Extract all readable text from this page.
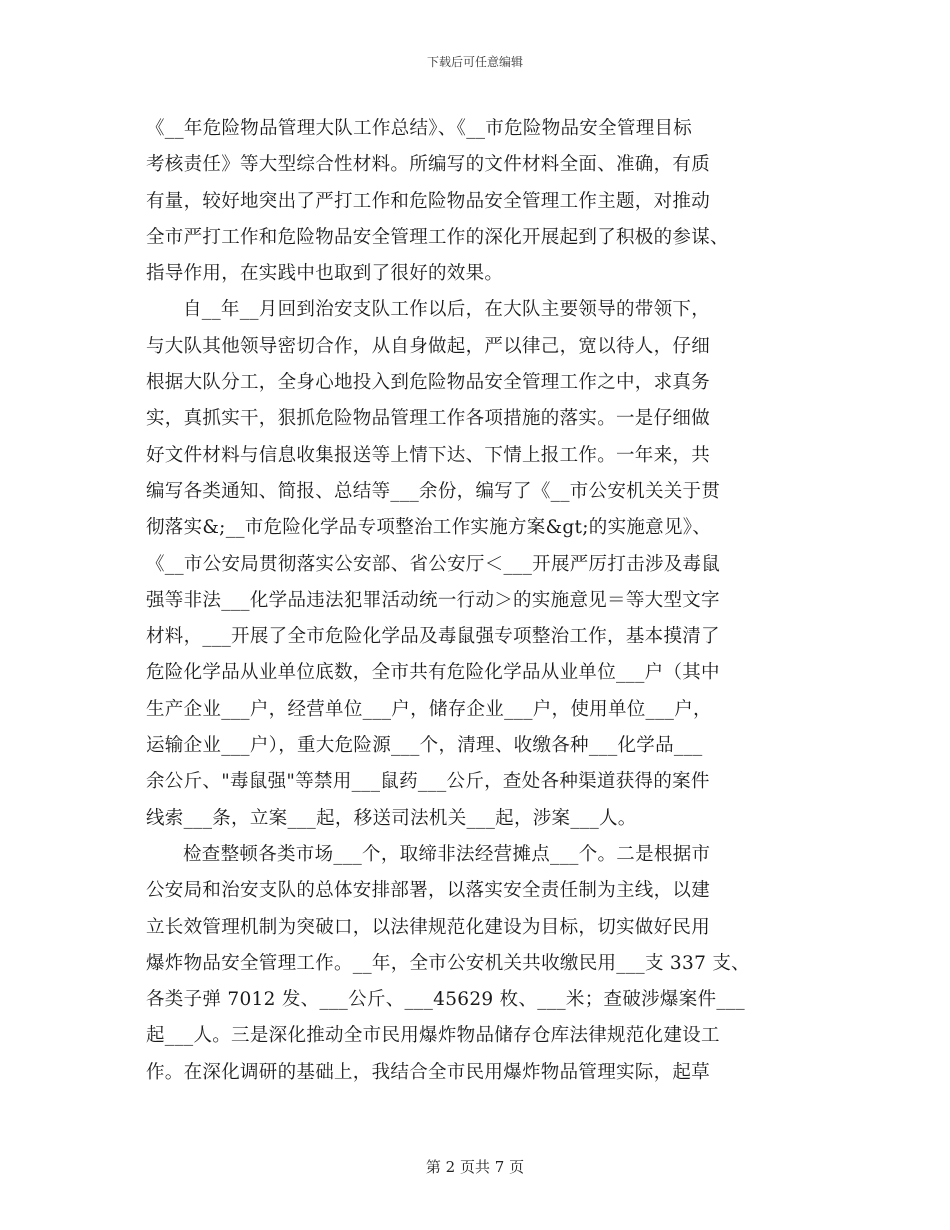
下载后可任意编辑
《__年危险物品管理大队工作总结》、《__市危险物品安全管理目标
考核责任》等大型综合性材料。所编写的文件材料全面、准确，有质
有量，较好地突出了严打工作和危险物品安全管理工作主题，对推动
全市严打工作和危险物品安全管理工作的深化开展起到了积极的参谋、
指导作用，在实践中也取到了很好的效果。
自__年__月回到治安支队工作以后，在大队主要领导的带领下，
与大队其他领导密切合作，从自身做起，严以律己，宽以待人，仔细
根据大队分工，全身心地投入到危险物品安全管理工作之中，求真务
实，真抓实干，狠抓危险物品管理工作各项措施的落实。一是仔细做
好文件材料与信息收集报送等上情下达、下情上报工作。一年来，共
编写各类通知、简报、总结等___余份，编写了《__市公安机关关于贯
彻落实&;__市危险化学品专项整治工作实施方案&gt;的实施意见》、
《__市公安局贯彻落实公安部、省公安厅＜___开展严厉打击涉及毒鼠
强等非法___化学品违法犯罪活动统一行动＞的实施意见＝等大型文字
材料，___开展了全市危险化学品及毒鼠强专项整治工作，基本摸清了
危险化学品从业单位底数，全市共有危险化学品从业单位___户（其中
生产企业___户，经营单位___户，储存企业___户，使用单位___户，
运输企业___户），重大危险源___个，清理、收缴各种___化学品___
余公斤、"毒鼠强"等禁用___鼠药___公斤，查处各种渠道获得的案件
线索___条，立案___起，移送司法机关___起，涉案___人。
检查整顿各类市场___个，取缔非法经营摊点___个。二是根据市
公安局和治安支队的总体安排部署，以落实安全责任制为主线，以建
立长效管理机制为突破口，以法律规范化建设为目标，切实做好民用
爆炸物品安全管理工作。__年，全市公安机关共收缴民用___支 337 支、
各类子弹 7012 发、___公斤、___45629 枚、___米；查破涉爆案件___
起___人。三是深化推动全市民用爆炸物品储存仓库法律规范化建设工
作。在深化调研的基础上，我结合全市民用爆炸物品管理实际，起草
第 2 页共 7 页
